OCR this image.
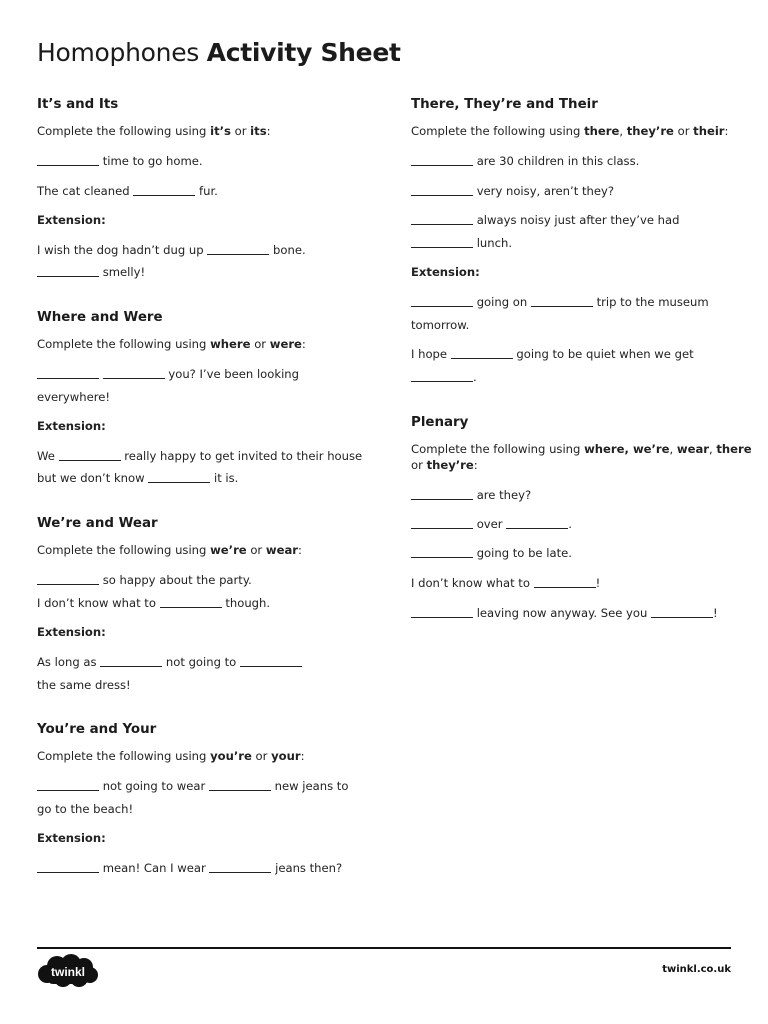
Homophones Activity Sheet
It’s and Its
Complete the following using it’s or its:
time to go home.
The cat cleaned	fur.
Extension:
I wish the dog hadn’t dug up	bone.
smelly!
Where and Were
Complete the following using where or were:
you? I’ve been looking
everywhere!
Extension:
We	really happy to get invited to their house
but we don’t know	it is.
We’re and Wear
Complete the following using we’re or wear:
so happy about the party.
I don’t know what to	though.
Extension:
As long as	not going to
the same dress!
You’re and Your
Complete the following using you’re or your:
not going to wear	new jeans to
go to the beach!
Extension:
mean! Can I wear	jeans then?
There, They’re and Their
Complete the following using there, they’re or their:
are 30 children in this class.
very noisy, aren’t they?
always noisy just after they’ve had
lunch.
Extension:
going on	trip to the museum
tomorrow.
I hope	going to be quiet when we get
.
Plenary
Complete the following using where, we’re, wear, there
or they’re:
are they?
over	.
going to be late.
I don’t know what to	!
leaving now anyway. See you	!
twinkl	twinkl.co.uk
